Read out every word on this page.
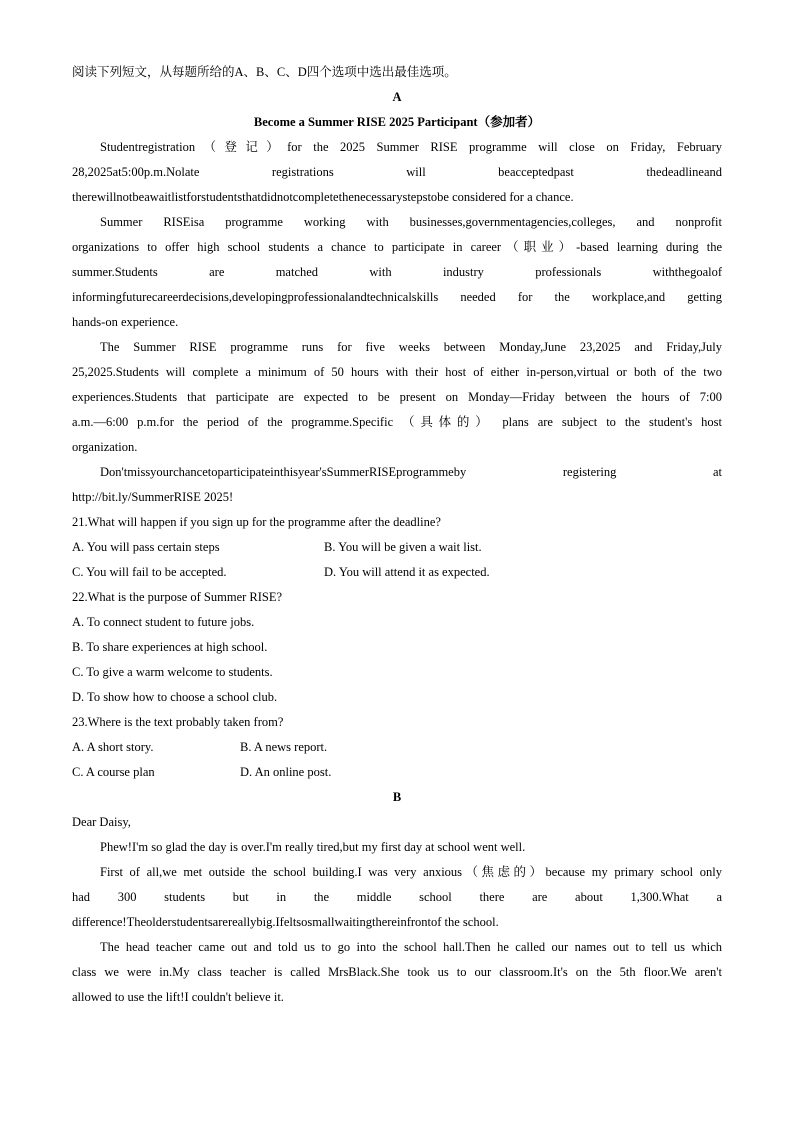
阅读下列短文，从每题所给的A、B、C、D四个选项中选出最佳选项。
A
Become a Summer RISE 2025 Participant（参加者）
Studentregistration（登记）for the 2025 Summer RISE programme will close on Friday, February
28,2025at5:00p.m.Nolate registrations will beacceptedpast thedeadlineand
therewillnotbeawaitlistforstudentsthatdidnotcompletethenecessarystepstobe considered for a chance.
Summer RISEisa programme working with businesses,governmentagencies,colleges, and nonprofit
organizations to offer high school students a chance to participate in career（职业）-based learning during the
summer.Students are matched with industry professionals withthegoalof
informingfuturecareerdecisions,developingprofessionalandtechnicalskills needed for the workplace,and getting
hands-on experience.
The Summer RISE programme runs for five weeks between Monday,June 23,2025 and Friday,July
25,2025.Students will complete a minimum of 50 hours with their host of either in-person,virtual or both of the two
experiences.Students that participate are expected to be present on Monday—Friday between the hours of 7:00
a.m.—6:00 p.m.for the period of the programme.Specific （具体的） plans are subject to the student's host
organization.
Don'tmissyourchancetoparticipateinthisyear'sSummerRISEprogrammeby registering at
http://bit.ly/SummerRISE 2025!
21.What will happen if you sign up for the programme after the deadline?
A. You will pass certain steps	B. You will be given a wait list.
C. You will fail to be accepted.	D. You will attend it as expected.
22.What is the purpose of Summer RISE?
A. To connect student to future jobs.
B. To share experiences at high school.
C. To give a warm welcome to students.
D. To show how to choose a school club.
23.Where is the text probably taken from?
A. A short story.	B. A news report.
C. A course plan	D. An online post.
B
Dear Daisy,
Phew!I'm so glad the day is over.I'm really tired,but my first day at school went well.
First of all,we met outside the school building.I was very anxious（焦虑的）because my primary school only
had 300 students but in the middle school there are about 1,300.What a
difference!Theolderstudentsarereallybig.Ifeltsosmallwaitingthereinfrontof the school.
The head teacher came out and told us to go into the school hall.Then he called our names out to tell us which
class we were in.My class teacher is called MrsBlack.She took us to our classroom.It's on the 5th floor.We aren't
allowed to use the lift!I couldn't believe it.
